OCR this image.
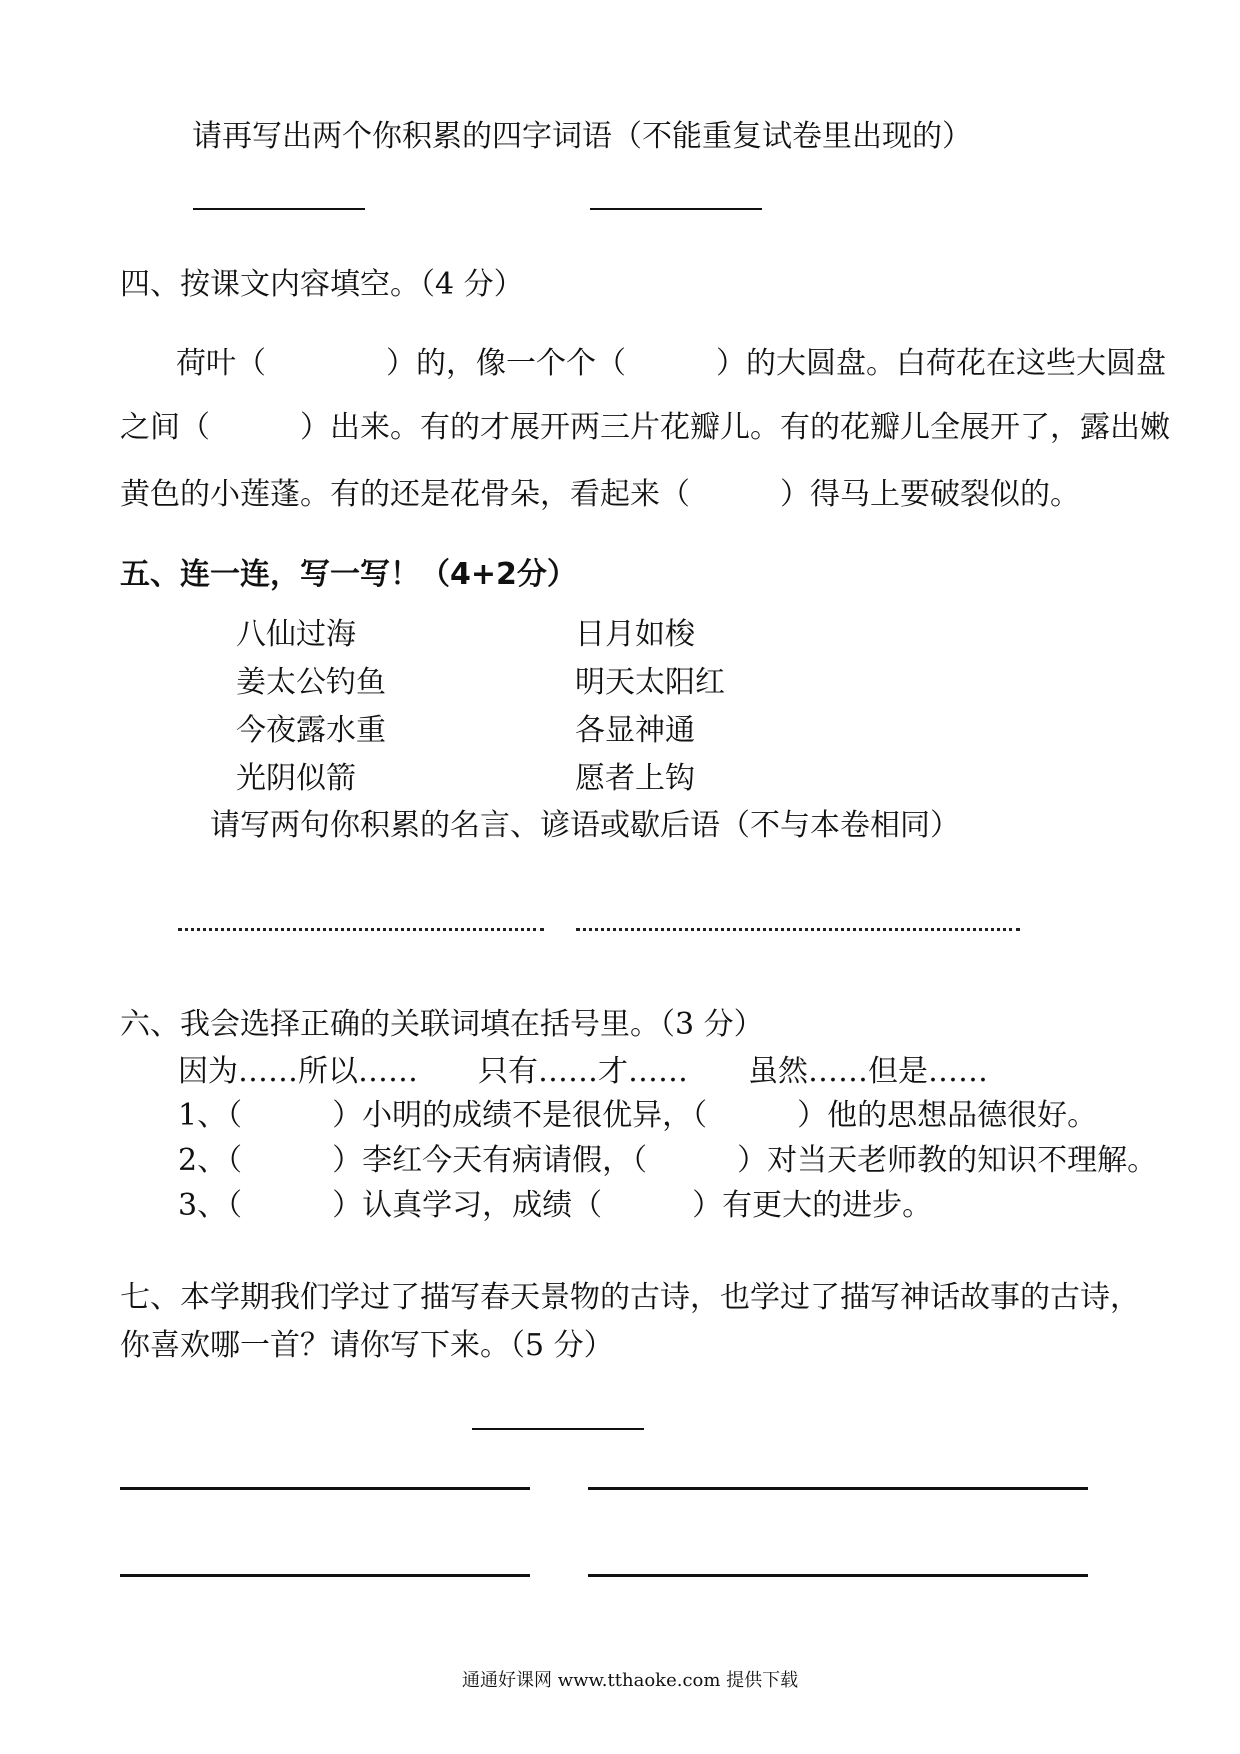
请再写出两个你积累的四字词语（不能重复试卷里出现的）
四、按课文内容填空。（4 分）
荷叶（　　　　）的，像一个个（　　　）的大圆盘。白荷花在这些大圆盘
之间（　　　）出来。有的才展开两三片花瓣儿。有的花瓣儿全展开了，露出嫩
黄色的小莲蓬。有的还是花骨朵，看起来（　　　）得马上要破裂似的。
五、连一连，写一写！（4+2分）
八仙过海
姜太公钓鱼
今夜露水重
光阴似箭
日月如梭
明天太阳红
各显神通
愿者上钩
请写两句你积累的名言、谚语或歇后语（不与本卷相同）
六、我会选择正确的关联词填在括号里。（3 分）
因为……所以……　　只有……才……　　虽然……但是……
1、（　　　）小明的成绩不是很优异，（　　　）他的思想品德很好。
2、（　　　）李红今天有病请假，（　　　）对当天老师教的知识不理解。
3、（　　　）认真学习，成绩（　　　）有更大的进步。
七、本学期我们学过了描写春天景物的古诗，也学过了描写神话故事的古诗，
你喜欢哪一首？请你写下来。（5 分）
通通好课网 www.tthaoke.com 提供下载
